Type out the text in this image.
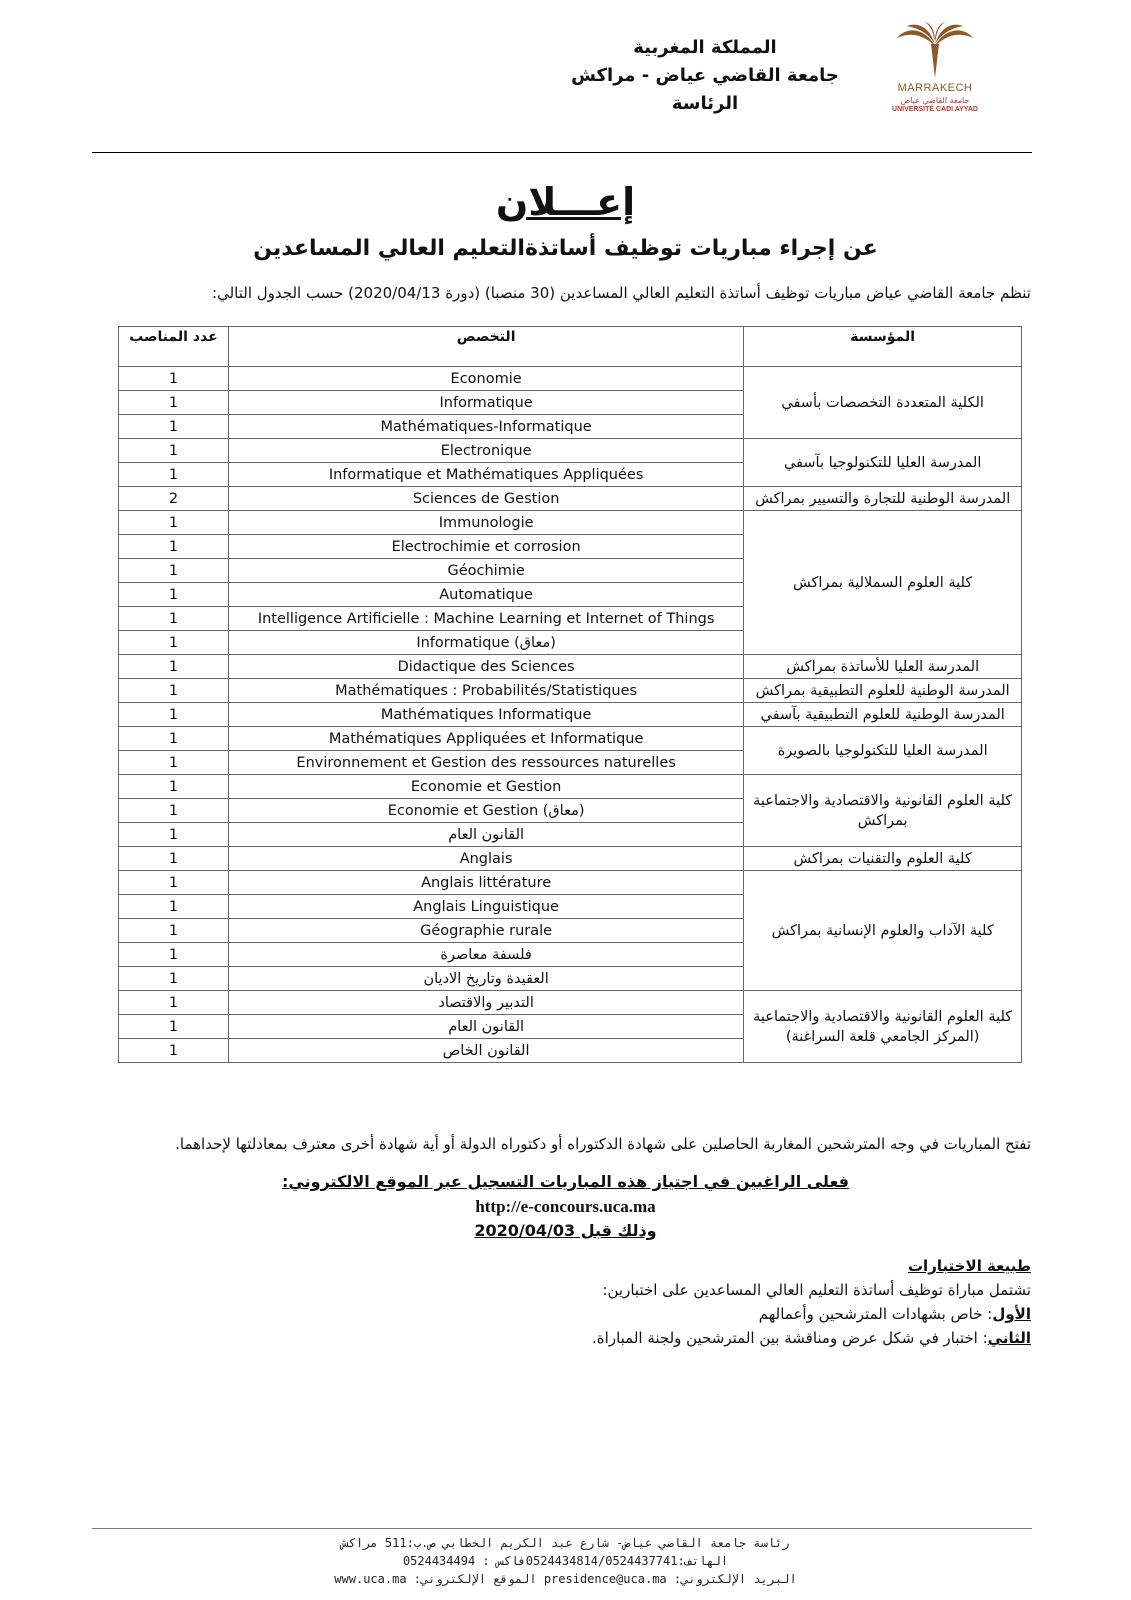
المملكة المغربية
جامعة القاضي عياض - مراكش
الرئاسة
MARRAKECH
جامعة القاضي عياض
UNIVERSITÉ CADI AYYAD
إعـــلان
عن إجراء مباريات توظيف أساتذةالتعليم العالي المساعدين
تنظم جامعة القاضي عياض مباريات توظيف أساتذة التعليم العالي المساعدين (30 منصبا) (دورة 2020/04/13) حسب الجدول التالي:
عدد المناصب	التخصص	المؤسسة
1	Economie	الكلية المتعددة التخصصات بأسفي
1	Informatique	
1	Mathématiques-Informatique	
1	Electronique	المدرسة العليا للتكنولوجيا بآسفي
1	Informatique et Mathématiques Appliquées	
2	Sciences de Gestion	المدرسة الوطنية للتجارة والتسيير بمراكش
1	Immunologie	كلية العلوم السملالية بمراكش
1	Electrochimie et corrosion	
1	Géochimie	
1	Automatique	
1	Intelligence Artificielle : Machine Learning et Internet of Things	
1	Informatique (معاق)	
1	Didactique des Sciences	المدرسة العليا للأساتذة بمراكش
1	Mathématiques : Probabilités/Statistiques	المدرسة الوطنية للعلوم التطبيقية بمراكش
1	Mathématiques Informatique	المدرسة الوطنية للعلوم التطبيقية بآسفي
1	Mathématiques Appliquées et Informatique	المدرسة العليا للتكنولوجيا بالصويرة
1	Environnement et Gestion des ressources naturelles	
1	Economie et Gestion	كلية العلوم القانونية والاقتصادية والاجتماعية بمراكش
1	Economie et Gestion (معاق)	
1	القانون العام	
1	Anglais	كلية العلوم والتقنيات بمراكش
1	Anglais littérature	كلية الآداب والعلوم الإنسانية بمراكش
1	Anglais Linguistique	
1	Géographie rurale	
1	فلسفة معاصرة	
1	العقيدة وتاريخ الاديان	
1	التدبير والاقتصاد	كلية العلوم القانونية والاقتصادية والاجتماعية (المركز الجامعي قلعة السراغنة)
1	القانون العام	
1	القانون الخاص	
تفتح المباريات في وجه المترشحين المغاربة الحاصلين على شهادة الدكتوراه أو دكتوراه الدولة أو أية شهادة أخرى معترف بمعادلتها لإحداهما.
فعلى الراغبين في اجتياز هذه المباريات التسجيل عبر الموقع الالكتروني:
http://e-concours.uca.ma
وذلك قبل 2020/04/03
طبيعة الاختبارات
تشتمل مباراة توظيف أساتذة التعليم العالي المساعدين على اختبارين:
الأول: خاص بشهادات المترشحين وأعمالهم
الثاني: اختبار في شكل عرض ومناقشة بين المترشحين ولجنة المباراة.
رئاسة جامعة القاضي عياض- شارع عبد الكريم الخطابي ص.ب:511 مراكش
الهاتف:0524434814/0524437741فاكس : 0524434494
البريد الإلكتروني: presidence@uca.ma الموقع الإلكتروني: www.uca.ma
